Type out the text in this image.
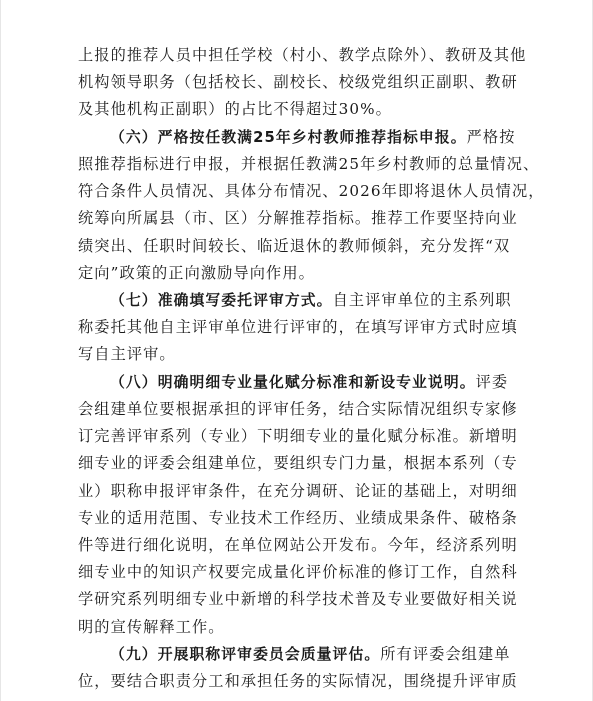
上报的推荐人员中担任学校（村小、教学点除外）、教研及其他
机构领导职务（包括校长、副校长、校级党组织正副职、教研
及其他机构正副职）的占比不得超过30%。
（六）严格按任教满25年乡村教师推荐指标申报。严格按
照推荐指标进行申报，并根据任教满25年乡村教师的总量情况、
符合条件人员情况、具体分布情况、2026年即将退休人员情况，
统筹向所属县（市、区）分解推荐指标。推荐工作要坚持向业
绩突出、任职时间较长、临近退休的教师倾斜，充分发挥“双
定向”政策的正向激励导向作用。
（七）准确填写委托评审方式。自主评审单位的主系列职
称委托其他自主评审单位进行评审的，在填写评审方式时应填
写自主评审。
（八）明确明细专业量化赋分标准和新设专业说明。评委
会组建单位要根据承担的评审任务，结合实际情况组织专家修
订完善评审系列（专业）下明细专业的量化赋分标准。新增明
细专业的评委会组建单位，要组织专门力量，根据本系列（专
业）职称申报评审条件，在充分调研、论证的基础上，对明细
专业的适用范围、专业技术工作经历、业绩成果条件、破格条
件等进行细化说明，在单位网站公开发布。今年，经济系列明
细专业中的知识产权要完成量化评价标准的修订工作，自然科
学研究系列明细专业中新增的科学技术普及专业要做好相关说
明的宣传解释工作。
（九）开展职称评审委员会质量评估。所有评委会组建单
位，要结合职责分工和承担任务的实际情况，围绕提升评审质
